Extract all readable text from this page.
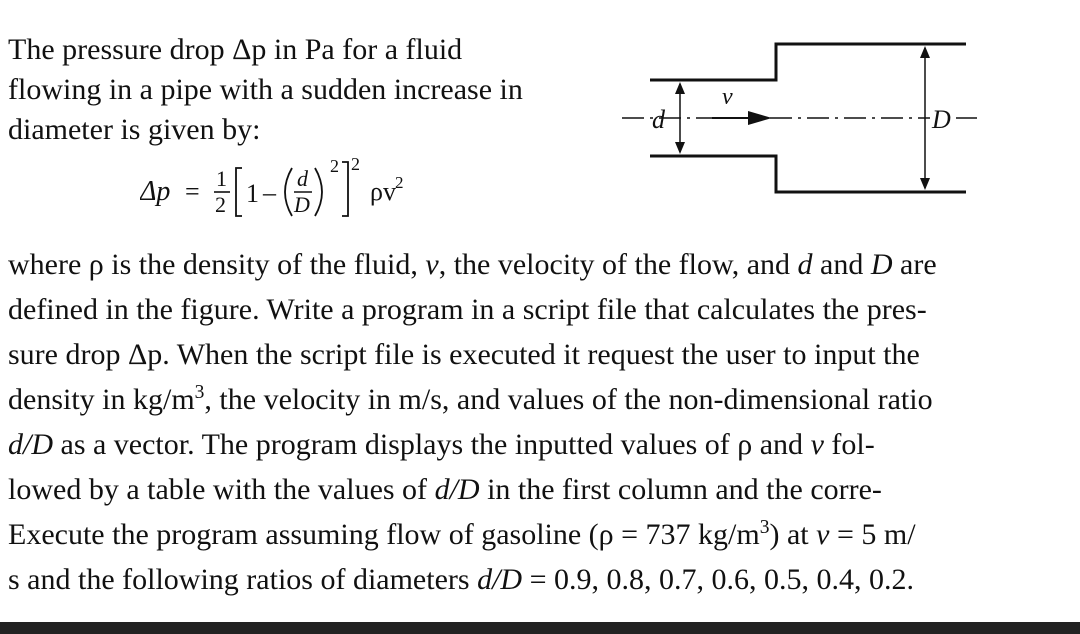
The pressure drop Δp in Pa for a fluid
flowing in a pipe with a sudden increase in
diameter is given by:
Δp = 1
2 1 – d
D
2 2
ρv 2
d
v
D
where ρ is the density of the fluid, v, the velocity of the flow, and d and D are
defined in the figure. Write a program in a script file that calculates the pres-
sure drop Δp. When the script file is executed it request the user to input the
density in $kg/m^3$, the velocity in m/s, and values of the non-dimensional ratio
d/D as a vector. The program displays the inputted values of ρ and v fol-
lowed by a table with the values of d/D in the first column and the corre-
Execute the program assuming flow of gasoline (ρ = 737 $kg/m^3$) at v = 5 m/
s and the following ratios of diameters d/D = 0.9, 0.8, 0.7, 0.6, 0.5, 0.4, 0.2.
